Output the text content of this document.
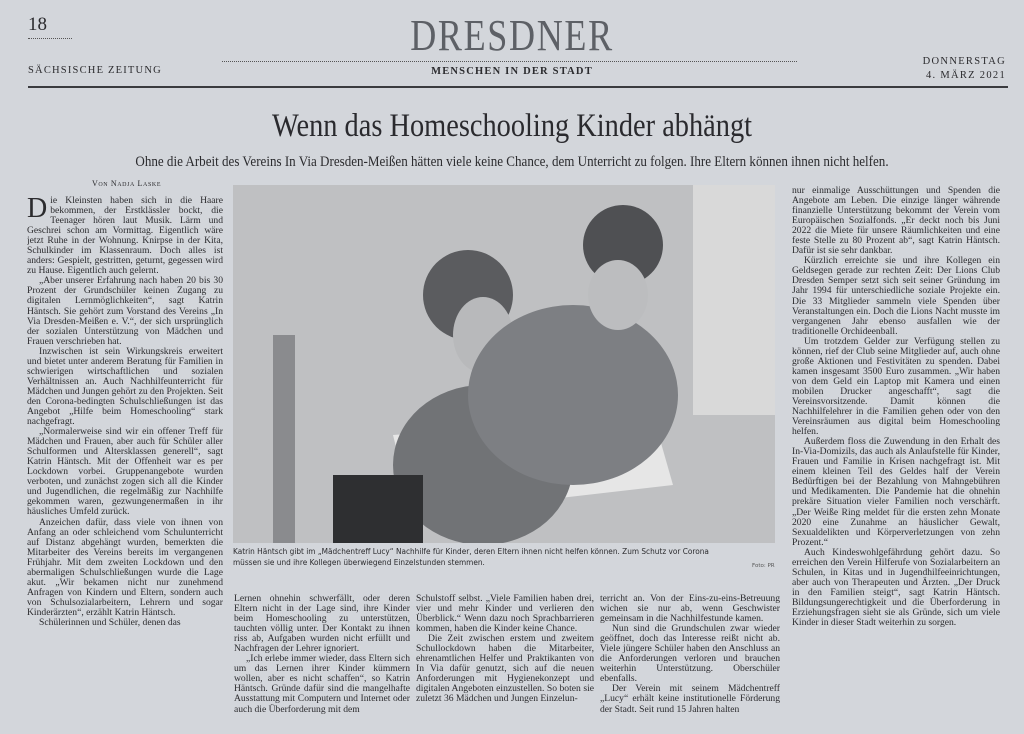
18
SÄCHSISCHE ZEITUNG
DRESDNER
MENSCHEN IN DER STADT
DONNERSTAG
4. MÄRZ 2021
Wenn das Homeschooling Kinder abhängt
Ohne die Arbeit des Vereins In Via Dresden-Meißen hätten viele keine Chance, dem Unterricht zu folgen. Ihre Eltern können ihnen nicht helfen.
Von Nadja Laske

Die Kleinsten haben sich in die Haare bekommen, der Erstklässler bockt, die Teenager hören laut Musik. Lärm und Geschrei schon am Vormittag. Eigentlich wäre jetzt Ruhe in der Wohnung. Knirpse in der Kita, Schulkinder im Klassenraum. Doch alles ist anders: Gespielt, gestritten, geturnt, gegessen wird zu Hause. Eigentlich auch gelernt.

„Aber unserer Erfahrung nach haben 20 bis 30 Prozent der Grundschüler keinen Zugang zu digitalen Lernmöglichkeiten“, sagt Katrin Häntsch. Sie gehört zum Vorstand des Vereins „In Via Dresden-Meißen e. V.“, der sich ursprünglich der sozialen Unterstützung von Mädchen und Frauen verschrieben hat.

Inzwischen ist sein Wirkungskreis erweitert und bietet unter anderem Beratung für Familien in schwierigen wirtschaftlichen und sozialen Verhältnissen an. Auch Nachhilfeunterricht für Mädchen und Jungen gehört zu den Projekten. Seit den Corona-bedingten Schulschließungen ist das Angebot „Hilfe beim Homeschooling“ stark nachgefragt.

„Normalerweise sind wir ein offener Treff für Mädchen und Frauen, aber auch für Schüler aller Schulformen und Altersklassen generell“, sagt Katrin Häntsch. Mit der Offenheit war es per Lockdown vorbei. Gruppenangebote wurden verboten, und zunächst zogen sich all die Kinder und Jugendlichen, die regelmäßig zur Nachhilfe gekommen waren, gezwungenermaßen in ihr häusliches Umfeld zurück.

Anzeichen dafür, dass viele von ihnen von Anfang an oder schleichend vom Schulunterricht auf Distanz abgehängt wurden, bemerkten die Mitarbeiter des Vereins bereits im vergangenen Frühjahr. Mit dem zweiten Lockdown und den abermaligen Schulschließungen wurde die Lage akut. „Wir bekamen nicht nur zunehmend Anfragen von Kindern und Eltern, sondern auch von Schulsozialarbeitern, Lehrern und sogar Kinderärzten“, erzählt Katrin Häntsch.

Schülerinnen und Schüler, denen das

Katrin Häntsch gibt im „Mädchentreff Lucy“ Nachhilfe für Kinder, deren Eltern ihnen nicht helfen können. Zum Schutz vor Corona müssen sie und ihre Kollegen überwiegend Einzelstunden stemmen.	Foto: PR

Lernen ohnehin schwerfällt, oder deren Eltern nicht in der Lage sind, ihre Kinder beim Homeschooling zu unterstützen, tauchten völlig unter. Der Kontakt zu ihnen riss ab, Aufgaben wurden nicht erfüllt und Nachfragen der Lehrer ignoriert.

„Ich erlebe immer wieder, dass Eltern sich um das Lernen ihrer Kinder kümmern wollen, aber es nicht schaffen“, so Katrin Häntsch. Gründe dafür sind die mangelhafte Ausstattung mit Computern und Internet oder auch die Überforderung mit dem

Schulstoff selbst. „Viele Familien haben drei, vier und mehr Kinder und verlieren den Überblick.“ Wenn dazu noch Sprachbarrieren kommen, haben die Kinder keine Chance.

Die Zeit zwischen erstem und zweitem Schullockdown haben die Mitarbeiter, ehrenamtlichen Helfer und Praktikanten von In Via dafür genutzt, sich auf die neuen Anforderungen mit Hygienekonzept und digitalen Angeboten einzustellen. So boten sie zuletzt 36 Mädchen und Jungen Einzelun-

terricht an. Von der Eins-zu-eins-Betreuung wichen sie nur ab, wenn Geschwister gemeinsam in die Nachhilfestunde kamen.

Nun sind die Grundschulen zwar wieder geöffnet, doch das Interesse reißt nicht ab. Viele jüngere Schüler haben den Anschluss an die Anforderungen verloren und brauchen weiterhin Unterstützung. Oberschüler ebenfalls.

Der Verein mit seinem Mädchentreff „Lucy“ erhält keine institutionelle Förderung der Stadt. Seit rund 15 Jahren halten

nur einmalige Ausschüttungen und Spenden die Angebote am Leben. Die einzige länger währende finanzielle Unterstützung bekommt der Verein vom Europäischen Sozialfonds. „Er deckt noch bis Juni 2022 die Miete für unsere Räumlichkeiten und eine feste Stelle zu 80 Prozent ab“, sagt Katrin Häntsch. Dafür ist sie sehr dankbar.

Kürzlich erreichte sie und ihre Kollegen ein Geldsegen gerade zur rechten Zeit: Der Lions Club Dresden Semper setzt sich seit seiner Gründung im Jahr 1994 für unterschiedliche soziale Projekte ein. Die 33 Mitglieder sammeln viele Spenden über Veranstaltungen ein. Doch die Lions Nacht musste im vergangenen Jahr ebenso ausfallen wie der traditionelle Orchideenball.

Um trotzdem Gelder zur Verfügung stellen zu können, rief der Club seine Mitglieder auf, auch ohne große Aktionen und Festivitäten zu spenden. Dabei kamen insgesamt 3500 Euro zusammen. „Wir haben von dem Geld ein Laptop mit Kamera und einen mobilen Drucker angeschafft“, sagt die Vereinsvorsitzende. Damit können die Nachhilfelehrer in die Familien gehen oder von den Vereinsräumen aus digital beim Homeschooling helfen.

Außerdem floss die Zuwendung in den Erhalt des In-Via-Domizils, das auch als Anlaufstelle für Kinder, Frauen und Familie in Krisen nachgefragt ist. Mit einem kleinen Teil des Geldes half der Verein Bedürftigen bei der Bezahlung von Mahngebühren und Medikamenten. Die Pandemie hat die ohnehin prekäre Situation vieler Familien noch verschärft. „Der Weiße Ring meldet für die ersten zehn Monate 2020 eine Zunahme an häuslicher Gewalt, Sexualdelikten und Körperverletzungen von zehn Prozent.“

Auch Kindeswohlgefährdung gehört dazu. So erreichen den Verein Hilferufe von Sozialarbeitern an Schulen, in Kitas und in Jugendhilfeeinrichtungen, aber auch von Therapeuten und Ärzten. „Der Druck in den Familien steigt“, sagt Katrin Häntsch. Bildungsungerechtigkeit und die Überforderung in Erziehungsfragen sieht sie als Gründe, sich um viele Kinder in dieser Stadt weiterhin zu sorgen.
